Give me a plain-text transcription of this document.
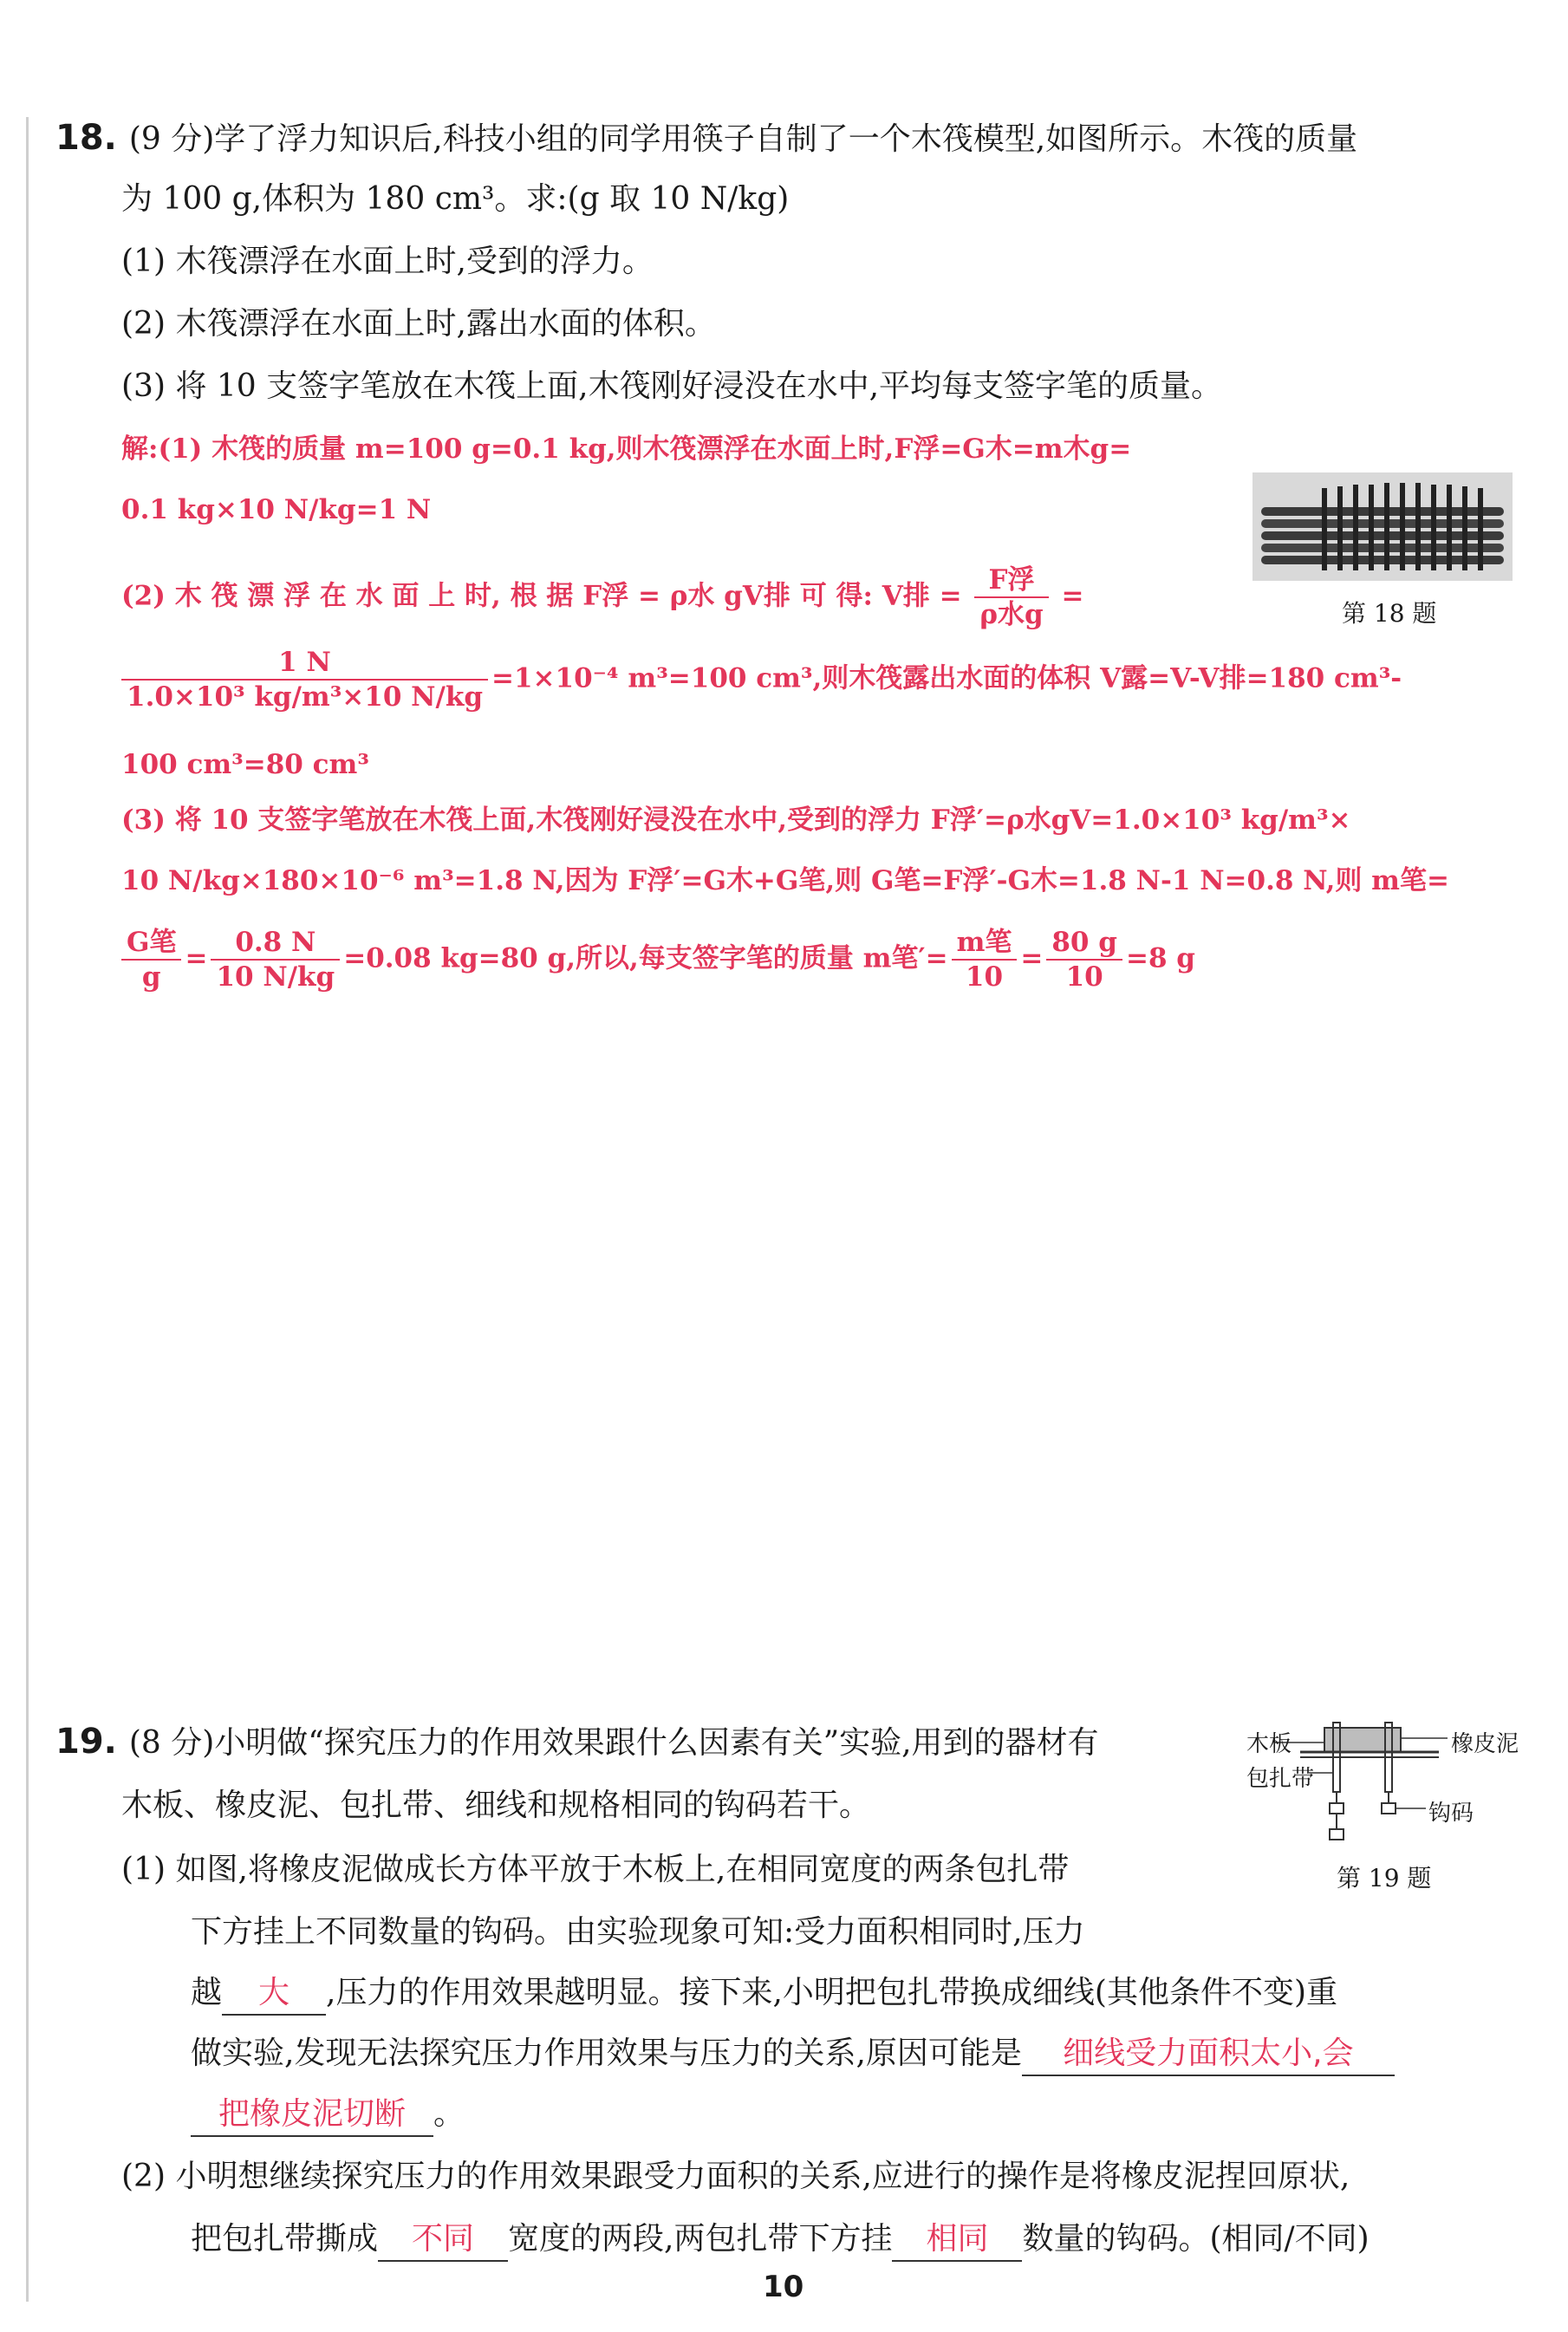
18. (9 分)学了浮力知识后,科技小组的同学用筷子自制了一个木筏模型,如图所示。木筏的质量
为 100 g,体积为 180 cm³。求:(g 取 10 N/kg)
(1) 木筏漂浮在水面上时,受到的浮力。
(2) 木筏漂浮在水面上时,露出水面的体积。
(3) 将 10 支签字笔放在木筏上面,木筏刚好浸没在水中,平均每支签字笔的质量。
解:(1) 木筏的质量 m=100 g=0.1 kg,则木筏漂浮在水面上时,F浮=G木=m木g=
0.1 kg×10 N/kg=1 N
(2) 木 筏 漂 浮 在 水 面 上 时, 根 据 F浮 = ρ水 gV排 可 得: V排 = $\frac{\text{F浮}}{\text{ρ水g}}$ =
$\frac{1 N}{\text{1.0×10³ kg/m³×10 N/kg}} =1\times 10^{-4}$ m³=100 cm³,则木筏露出水面的体积 V露=V-V排=180 cm³-
100 cm³=80 cm³
(3) 将 10 支签字笔放在木筏上面,木筏刚好浸没在水中,受到的浮力 F浮′=ρ水gV=1.0×10³ kg/m³×
10 N/kg×180×10⁻⁶ m³=1.8 N,因为 F浮′=G木+G笔,则 G笔=F浮′-G木=1.8 N-1 N=0.8 N,则 m笔=
$\frac{\text{G笔}}{g} = \frac{0.8 N}{10 N/kg} =0.08$ kg=80 g,所以,每支签字笔的质量 m笔′= $\frac{\text{m笔}}{10} = \frac{80 g}{10} =8$ g
第 18 题
19. (8 分)小明做“探究压力的作用效果跟什么因素有关”实验,用到的器材有
木板、橡皮泥、包扎带、细线和规格相同的钩码若干。
(1) 如图,将橡皮泥做成长方体平放于木板上,在相同宽度的两条包扎带
下方挂上不同数量的钩码。由实验现象可知:受力面积相同时,压力
越 大 ,压力的作用效果越明显。接下来,小明把包扎带换成细线(其他条件不变)重
做实验,发现无法探究压力作用效果与压力的关系,原因可能是 细线受力面积太小,会
把橡皮泥切断 。
(2) 小明想继续探究压力的作用效果跟受力面积的关系,应进行的操作是将橡皮泥捏回原状,
把包扎带撕成 不同 宽度的两段,两包扎带下方挂 相同 数量的钩码。(相同/不同)
木板	橡皮泥
包扎带
钩码
第 19 题
10
